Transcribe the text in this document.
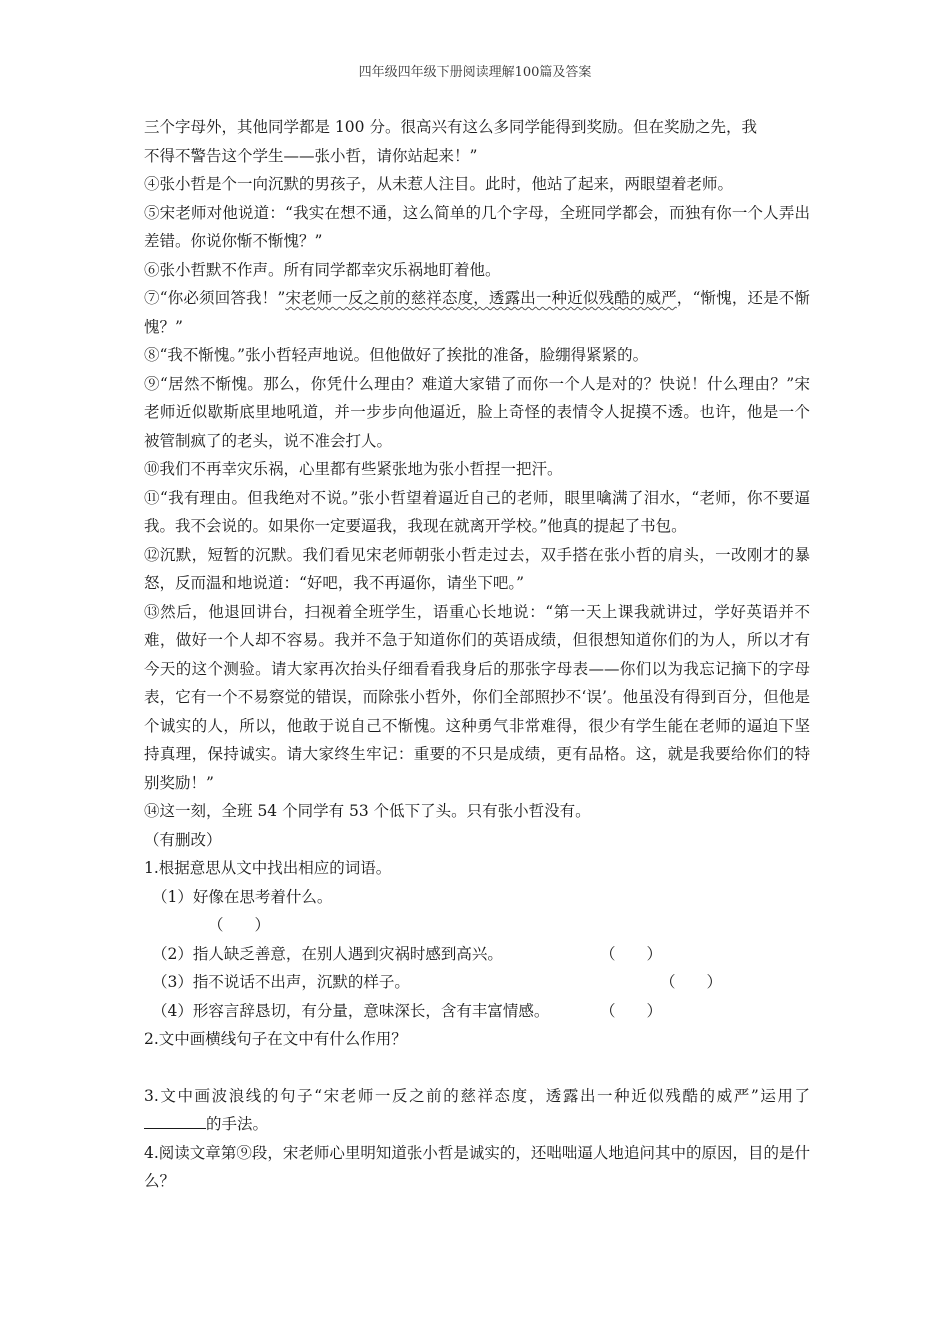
四年级四年级下册阅读理解100篇及答案

三个字母外，其他同学都是 100 分。很高兴有这么多同学能得到奖励。但在奖励之先，我

不得不警告这个学生——张小哲，请你站起来！”

④张小哲是个一向沉默的男孩子，从未惹人注目。此时，他站了起来，两眼望着老师。

⑤宋老师对他说道：“我实在想不通，这么简单的几个字母，全班同学都会，而独有你一个人弄出差错。你说你惭不惭愧？”

⑥张小哲默不作声。所有同学都幸灾乐祸地盯着他。

⑦“你必须回答我！”宋老师一反之前的慈祥态度，透露出一种近似残酷的威严，“惭愧，还是不惭愧？”

⑧“我不惭愧。”张小哲轻声地说。但他做好了挨批的准备，脸绷得紧紧的。

⑨“居然不惭愧。那么，你凭什么理由？难道大家错了而你一个人是对的？快说！什么理由？”宋老师近似歇斯底里地吼道，并一步步向他逼近，脸上奇怪的表情令人捉摸不透。也许，他是一个被管制疯了的老头，说不准会打人。

⑩我们不再幸灾乐祸，心里都有些紧张地为张小哲捏一把汗。

⑪“我有理由。但我绝对不说。”张小哲望着逼近自己的老师，眼里噙满了泪水，“老师，你不要逼我。我不会说的。如果你一定要逼我，我现在就离开学校。”他真的提起了书包。

⑫沉默，短暂的沉默。我们看见宋老师朝张小哲走过去，双手搭在张小哲的肩头，一改刚才的暴怒，反而温和地说道：“好吧，我不再逼你，请坐下吧。”

⑬然后，他退回讲台，扫视着全班学生，语重心长地说：“第一天上课我就讲过，学好英语并不难，做好一个人却不容易。我并不急于知道你们的英语成绩，但很想知道你们的为人，所以才有今天的这个测验。请大家再次抬头仔细看看我身后的那张字母表——你们以为我忘记摘下的字母表，它有一个不易察觉的错误，而除张小哲外，你们全部照抄不‘误’。他虽没有得到百分，但他是个诚实的人，所以，他敢于说自己不惭愧。这种勇气非常难得，很少有学生能在老师的逼迫下坚持真理，保持诚实。请大家终生牢记：重要的不只是成绩，更有品格。这，就是我要给你们的特别奖励！”

⑭这一刻，全班 54 个同学有 53 个低下了头。只有张小哲没有。

（有删改）

1.根据意思从文中找出相应的词语。

（1）好像在思考着什么。

（　　）

（2）指人缺乏善意，在别人遇到灾祸时感到高兴。	（　　）

（3）指不说话不出声，沉默的样子。	（　　）

（4）形容言辞恳切，有分量，意味深长，含有丰富情感。	（　　）

2.文中画横线句子在文中有什么作用？

3.文中画波浪线的句子“宋老师一反之前的慈祥态度，透露出一种近似残酷的威严”运用了的手法。

4.阅读文章第⑨段，宋老师心里明知道张小哲是诚实的，还咄咄逼人地追问其中的原因，目的是什么？
